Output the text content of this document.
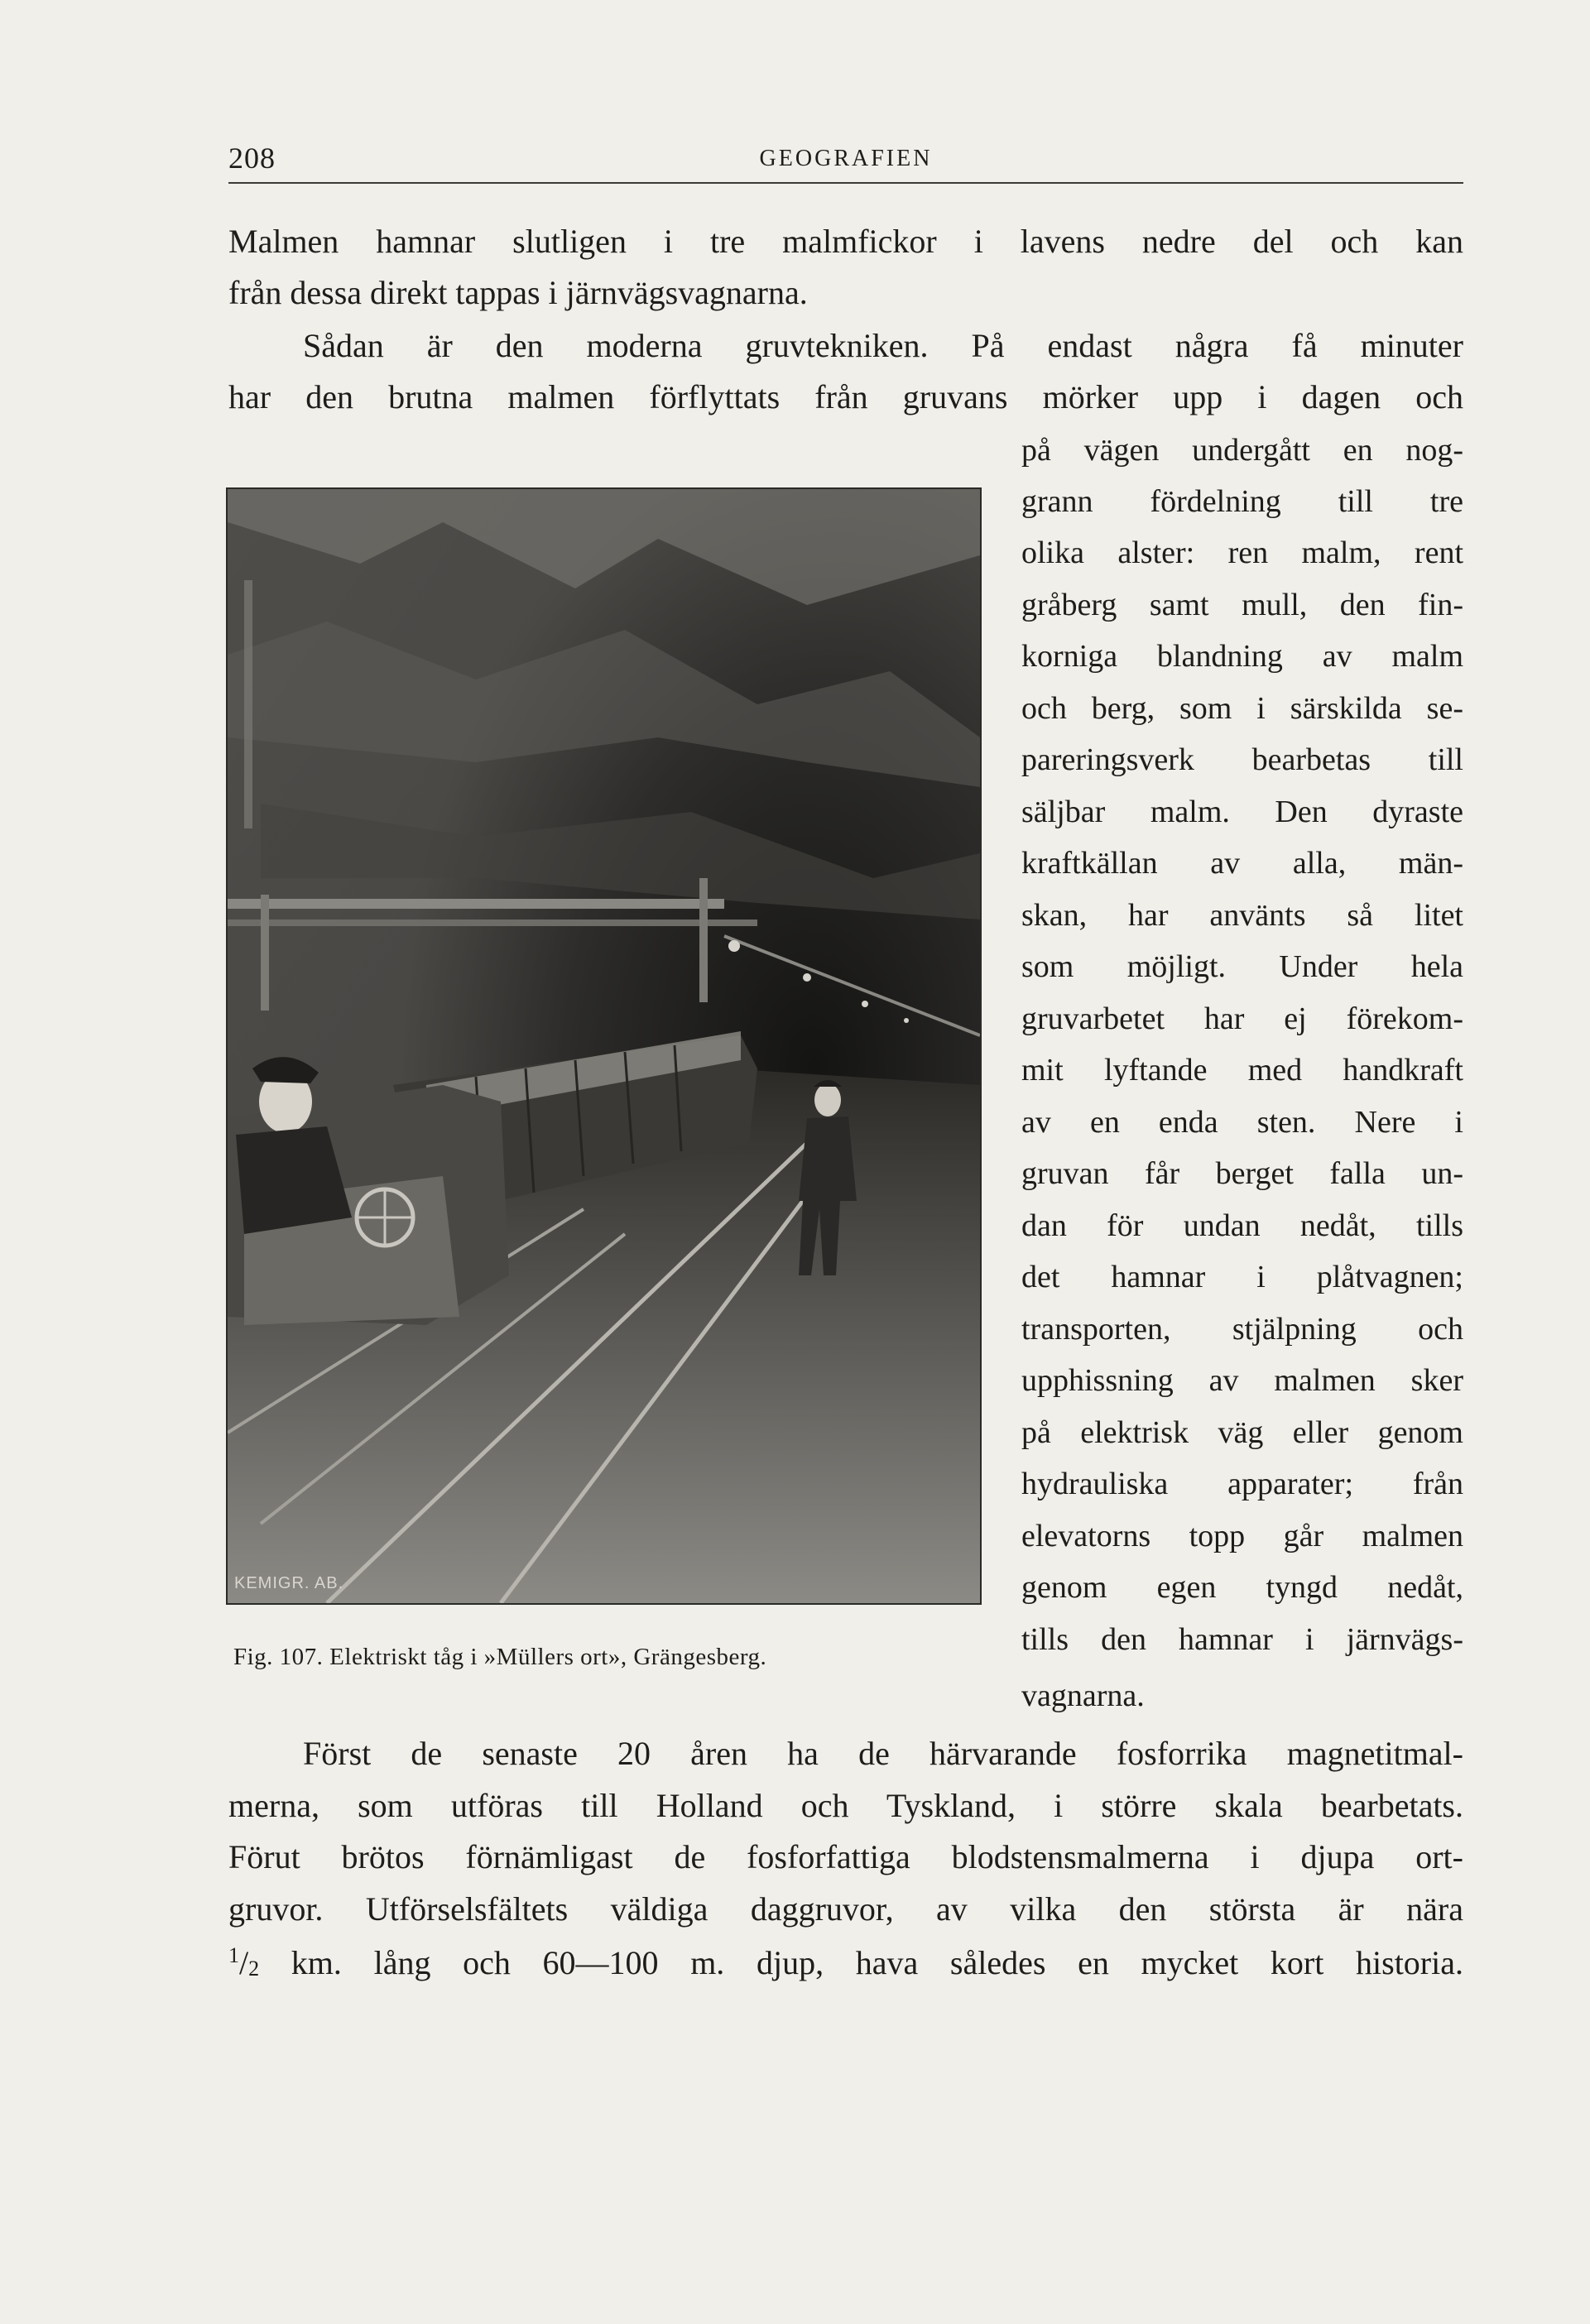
208	GEOGRAFIEN
Malmen hamnar slutligen i tre malmfickor i lavens nedre del och kan
från dessa direkt tappas i järnvägsvagnarna.
Sådan är den moderna gruvtekniken. På endast några få minuter
har den brutna malmen förflyttats från gruvans mörker upp i dagen och
på vägen undergått en nog-
grann fördelning till tre
olika alster: ren malm, rent
gråberg samt mull, den fin-
korniga blandning av malm
och berg, som i särskilda se-
pareringsverk bearbetas till
säljbar malm. Den dyraste
kraftkällan av alla, män-
skan, har använts så litet
som möjligt. Under hela
gruvarbetet har ej förekom-
mit lyftande med handkraft
av en enda sten. Nere i
gruvan får berget falla un-
dan för undan nedåt, tills
det hamnar i plåtvagnen;
transporten, stjälpning och
upphissning av malmen sker
på elektrisk väg eller genom
hydrauliska apparater; från
elevatorns topp går malmen
genom egen tyngd nedåt,
tills den hamnar i järnvägs-
vagnarna.
KEMIGR. AB.
Fig. 107. Elektriskt tåg i »Müllers ort», Grängesberg.
Först de senaste 20 åren ha de härvarande fosforrika magnetitmal-
merna, som utföras till Holland och Tyskland, i större skala bearbetats.
Förut brötos förnämligast de fosforfattiga blodstensmalmerna i djupa ort-
gruvor. Utförselsfältets väldiga daggruvor, av vilka den största är nära
$^1$/2 km. lång och 60—100 m. djup, hava således en mycket kort historia.
